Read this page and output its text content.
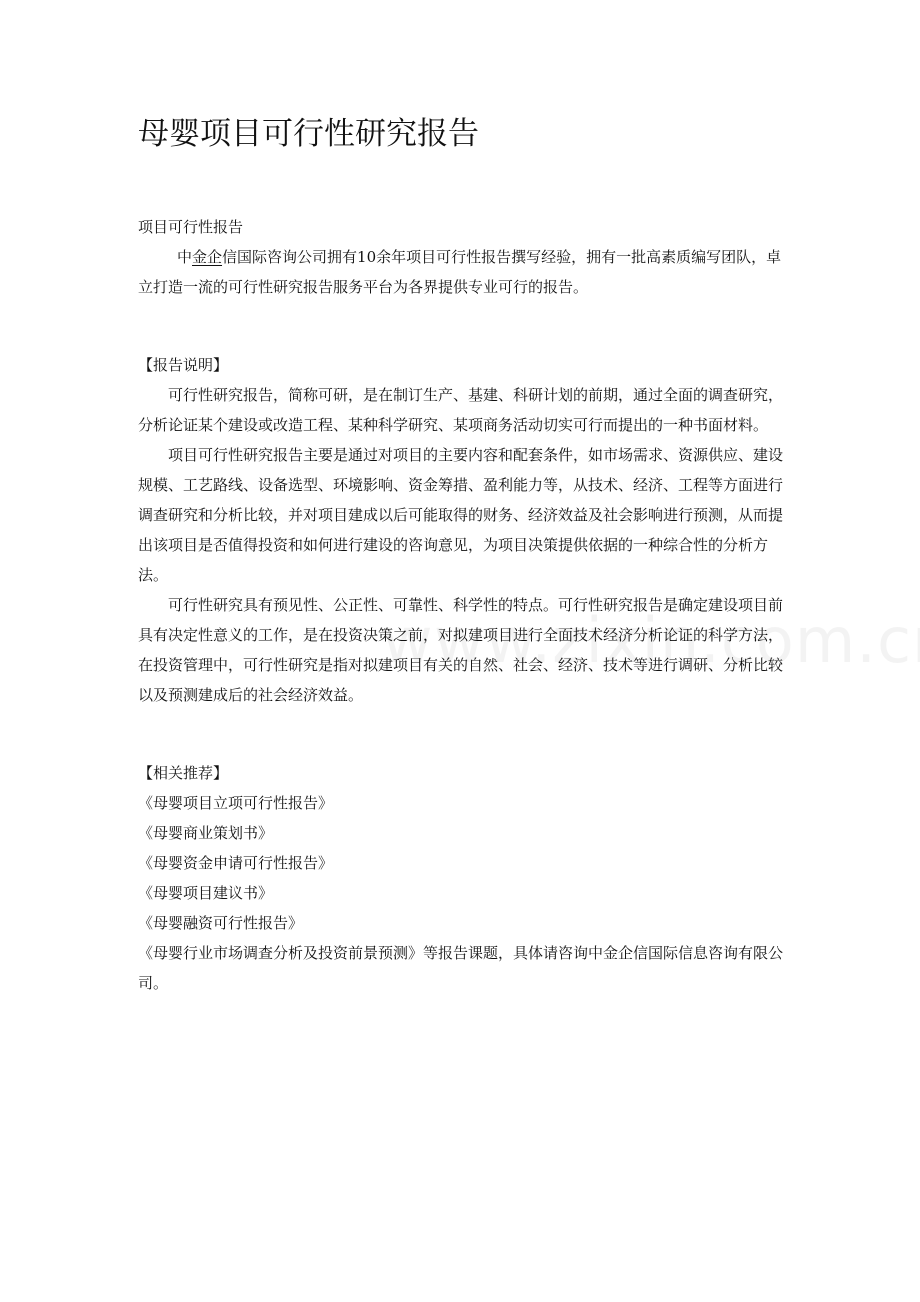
母婴项目可行性研究报告

项目可行性报告

中金企信国际咨询公司拥有10余年项目可行性报告撰写经验，拥有一批高素质编写团队，卓立打造一流的可行性研究报告服务平台为各界提供专业可行的报告。

【报告说明】

可行性研究报告，简称可研，是在制订生产、基建、科研计划的前期，通过全面的调查研究，分析论证某个建设或改造工程、某种科学研究、某项商务活动切实可行而提出的一种书面材料。

项目可行性研究报告主要是通过对项目的主要内容和配套条件，如市场需求、资源供应、建设规模、工艺路线、设备选型、环境影响、资金筹措、盈利能力等，从技术、经济、工程等方面进行调查研究和分析比较，并对项目建成以后可能取得的财务、经济效益及社会影响进行预测，从而提出该项目是否值得投资和如何进行建设的咨询意见，为项目决策提供依据的一种综合性的分析方法。

可行性研究具有预见性、公正性、可靠性、科学性的特点。可行性研究报告是确定建设项目前具有决定性意义的工作，是在投资决策之前，对拟建项目进行全面技术经济分析论证的科学方法，在投资管理中，可行性研究是指对拟建项目有关的自然、社会、经济、技术等进行调研、分析比较以及预测建成后的社会经济效益。

【相关推荐】

《母婴项目立项可行性报告》

《母婴商业策划书》

《母婴资金申请可行性报告》

《母婴项目建议书》

《母婴融资可行性报告》

《母婴行业市场调查分析及投资前景预测》等报告课题，具体请咨询中金企信国际信息咨询有限公司。
